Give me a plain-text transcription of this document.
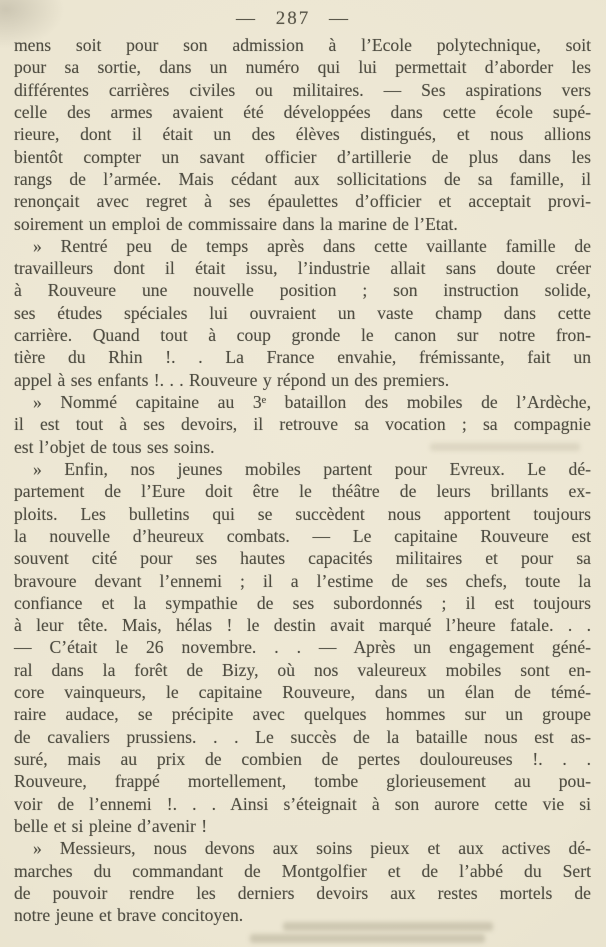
— 287 —
mens soit pour son admission à l’Ecole polytechnique, soit
pour sa sortie, dans un numéro qui lui permettait d’aborder les
différentes carrières civiles ou militaires. — Ses aspirations vers
celle des armes avaient été développées dans cette école supé-
rieure, dont il était un des élèves distingués, et nous allions
bientôt compter un savant officier d’artillerie de plus dans les
rangs de l’armée. Mais cédant aux sollicitations de sa famille, il
renonçait avec regret à ses épaulettes d’officier et acceptait provi-
soirement un emploi de commissaire dans la marine de l’Etat.
» Rentré peu de temps après dans cette vaillante famille de
travailleurs dont il était issu, l’industrie allait sans doute créer
à Rouveure une nouvelle position ; son instruction solide,
ses études spéciales lui ouvraient un vaste champ dans cette
carrière. Quand tout à coup gronde le canon sur notre fron-
tière du Rhin !. . La France envahie, frémissante, fait un
appel à ses enfants !. . . Rouveure y répond un des premiers.
» Nommé capitaine au 3ᵉ bataillon des mobiles de l’Ardèche,
il est tout à ses devoirs, il retrouve sa vocation ; sa compagnie
est l’objet de tous ses soins.
» Enfin, nos jeunes mobiles partent pour Evreux. Le dé-
partement de l’Eure doit être le théâtre de leurs brillants ex-
ploits. Les bulletins qui se succèdent nous apportent toujours
la nouvelle d’heureux combats. — Le capitaine Rouveure est
souvent cité pour ses hautes capacités militaires et pour sa
bravoure devant l’ennemi ; il a l’estime de ses chefs, toute la
confiance et la sympathie de ses subordonnés ; il est toujours
à leur tête. Mais, hélas ! le destin avait marqué l’heure fatale. . .
— C’était le 26 novembre. . . — Après un engagement géné-
ral dans la forêt de Bizy, où nos valeureux mobiles sont en-
core vainqueurs, le capitaine Rouveure, dans un élan de témé-
raire audace, se précipite avec quelques hommes sur un groupe
de cavaliers prussiens. . . Le succès de la bataille nous est as-
suré, mais au prix de combien de pertes douloureuses !. . .
Rouveure, frappé mortellement, tombe glorieusement au pou-
voir de l’ennemi !. . . Ainsi s’éteignait à son aurore cette vie si
belle et si pleine d’avenir !
» Messieurs, nous devons aux soins pieux et aux actives dé-
marches du commandant de Montgolfier et de l’abbé du Sert
de pouvoir rendre les derniers devoirs aux restes mortels de
notre jeune et brave concitoyen.
